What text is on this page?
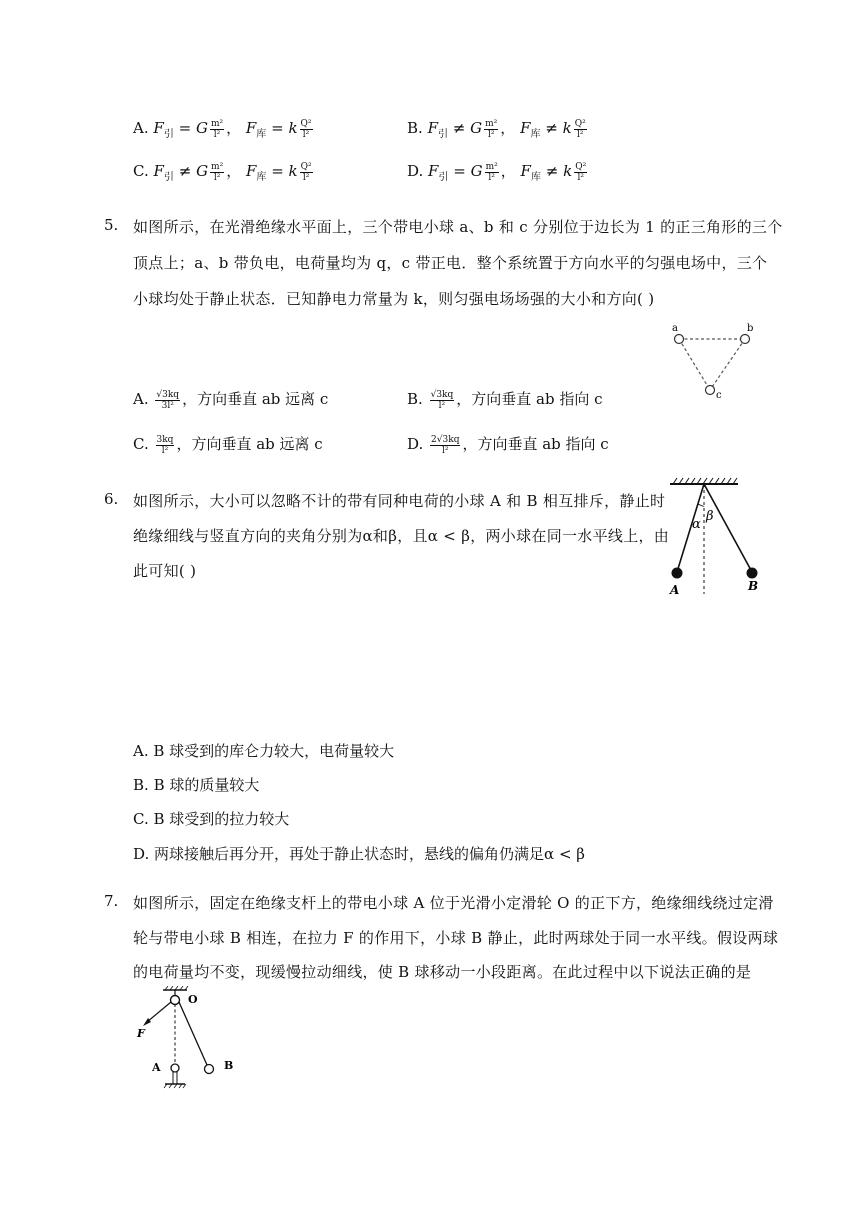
A. $F_引 = G \frac{\text{m²}}{\text{l²}}$ ， $F_库 = k \frac{\text{Q²}}{\text{l²}}$	B. $F_引 \ne G \frac{\text{m²}}{\text{l²}}$ ， $F_库 \ne k \frac{\text{Q²}}{\text{l²}}$
C. $F_引 \ne G \frac{\text{m²}}{\text{l²}}$ ， $F_库 = k \frac{\text{Q²}}{\text{l²}}$	D. $F_引 = G \frac{\text{m²}}{\text{l²}}$ ， $F_库 \ne k \frac{\text{Q²}}{\text{l²}}$
5. 如图所示，在光滑绝缘水平面上，三个带电小球 a、b 和 c 分别位于边长为 1 的正三角形的三个
顶点上；a、b 带负电，电荷量均为 q，c 带正电．整个系统置于方向水平的匀强电场中，三个
小球均处于静止状态．已知静电力常量为 k，则匀强电场场强的大小和方向( )
a	b
c
A. $\frac{√3kq}{\text{3l²}}$ ，方向垂直 ab 远离 c	B. $\frac{√3kq}{\text{l²}}$ ，方向垂直 ab 指向 c
C. $\frac{3kq}{\text{l²}}$ ，方向垂直 ab 远离 c	D. $\frac{2√3kq}{\text{l²}}$ ，方向垂直 ab 指向 c
6. 如图所示，大小可以忽略不计的带有同种电荷的小球 A 和 B 相互排斥，静止时
绝缘细线与竖直方向的夹角分别为α和β，且α < β，两小球在同一水平线上，由
此可知( )
α
β
A	B
A. B 球受到的库仑力较大，电荷量较大
B. B 球的质量较大
C. B 球受到的拉力较大
D. 两球接触后再分开，再处于静止状态时，悬线的偏角仍满足α < β
7. 如图所示，固定在绝缘支杆上的带电小球 A 位于光滑小定滑轮 O 的正下方，绝缘细线绕过定滑
轮与带电小球 B 相连，在拉力 F 的作用下，小球 B 静止，此时两球处于同一水平线。假设两球
的电荷量均不变，现缓慢拉动细线，使 B 球移动一小段距离。在此过程中以下说法正确的是
O
F
B
A
